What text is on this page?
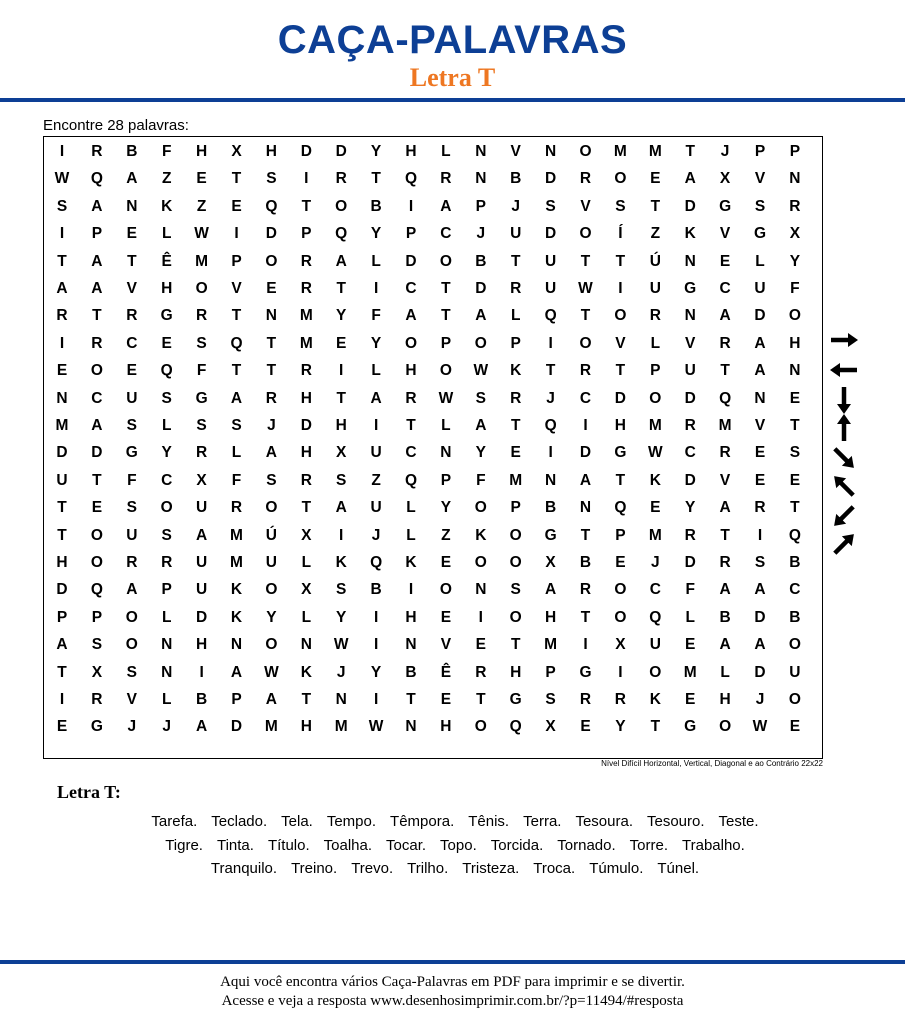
CAÇA-PALAVRAS
Letra T
Encontre 28 palavras:
I	R	B	F	H	X	H	D	D	Y	H	L	N	V	N	O	M	M	T	J	P	P
W	Q	A	Z	E	T	S	I	R	T	Q	R	N	B	D	R	O	E	A	X	V	N
S	A	N	K	Z	E	Q	T	O	B	I	A	P	J	S	V	S	T	D	G	S	R
I	P	E	L	W	I	D	P	Q	Y	P	C	J	U	D	O	Í	Z	K	V	G	X
T	A	T	Ê	M	P	O	R	A	L	D	O	B	T	U	T	T	Ú	N	E	L	Y
A	A	V	H	O	V	E	R	T	I	C	T	D	R	U	W	I	U	G	C	U	F
R	T	R	G	R	T	N	M	Y	F	A	T	A	L	Q	T	O	R	N	A	D	O
I	R	C	E	S	Q	T	M	E	Y	O	P	O	P	I	O	V	L	V	R	A	H
E	O	E	Q	F	T	T	R	I	L	H	O	W	K	T	R	T	P	U	T	A	N
N	C	U	S	G	A	R	H	T	A	R	W	S	R	J	C	D	O	D	Q	N	E
M	A	S	L	S	S	J	D	H	I	T	L	A	T	Q	I	H	M	R	M	V	T
D	D	G	Y	R	L	A	H	X	U	C	N	Y	E	I	D	G	W	C	R	E	S
U	T	F	C	X	F	S	R	S	Z	Q	P	F	M	N	A	T	K	D	V	E	E
T	E	S	O	U	R	O	T	A	U	L	Y	O	P	B	N	Q	E	Y	A	R	T
T	O	U	S	A	M	Ú	X	I	J	L	Z	K	O	G	T	P	M	R	T	I	Q
H	O	R	R	U	M	U	L	K	Q	K	E	O	O	X	B	E	J	D	R	S	B
D	Q	A	P	U	K	O	X	S	B	I	O	N	S	A	R	O	C	F	A	A	C
P	P	O	L	D	K	Y	L	Y	I	H	E	I	O	H	T	O	Q	L	B	D	B
A	S	O	N	H	N	O	N	W	I	N	V	E	T	M	I	X	U	E	A	A	O
T	X	S	N	I	A	W	K	J	Y	B	Ê	R	H	P	G	I	O	M	L	D	U
I	R	V	L	B	P	A	T	N	I	T	E	T	G	S	R	R	K	E	H	J	O
E	G	J	J	A	D	M	H	M	W	N	H	O	Q	X	E	Y	T	G	O	W	E
Nível Difícil Horizontal, Vertical, Diagonal e ao Contrário 22x22
Letra T:
Tarefa. Teclado. Tela. Tempo. Têmpora. Tênis. Terra. Tesoura. Tesouro. Teste.
Tigre. Tinta. Título. Toalha. Tocar. Topo. Torcida. Tornado. Torre. Trabalho.
Tranquilo. Treino. Trevo. Trilho. Tristeza. Troca. Túmulo. Túnel.
Aqui você encontra vários Caça-Palavras em PDF para imprimir e se divertir.
Acesse e veja a resposta www.desenhosimprimir.com.br/?p=11494/#resposta
